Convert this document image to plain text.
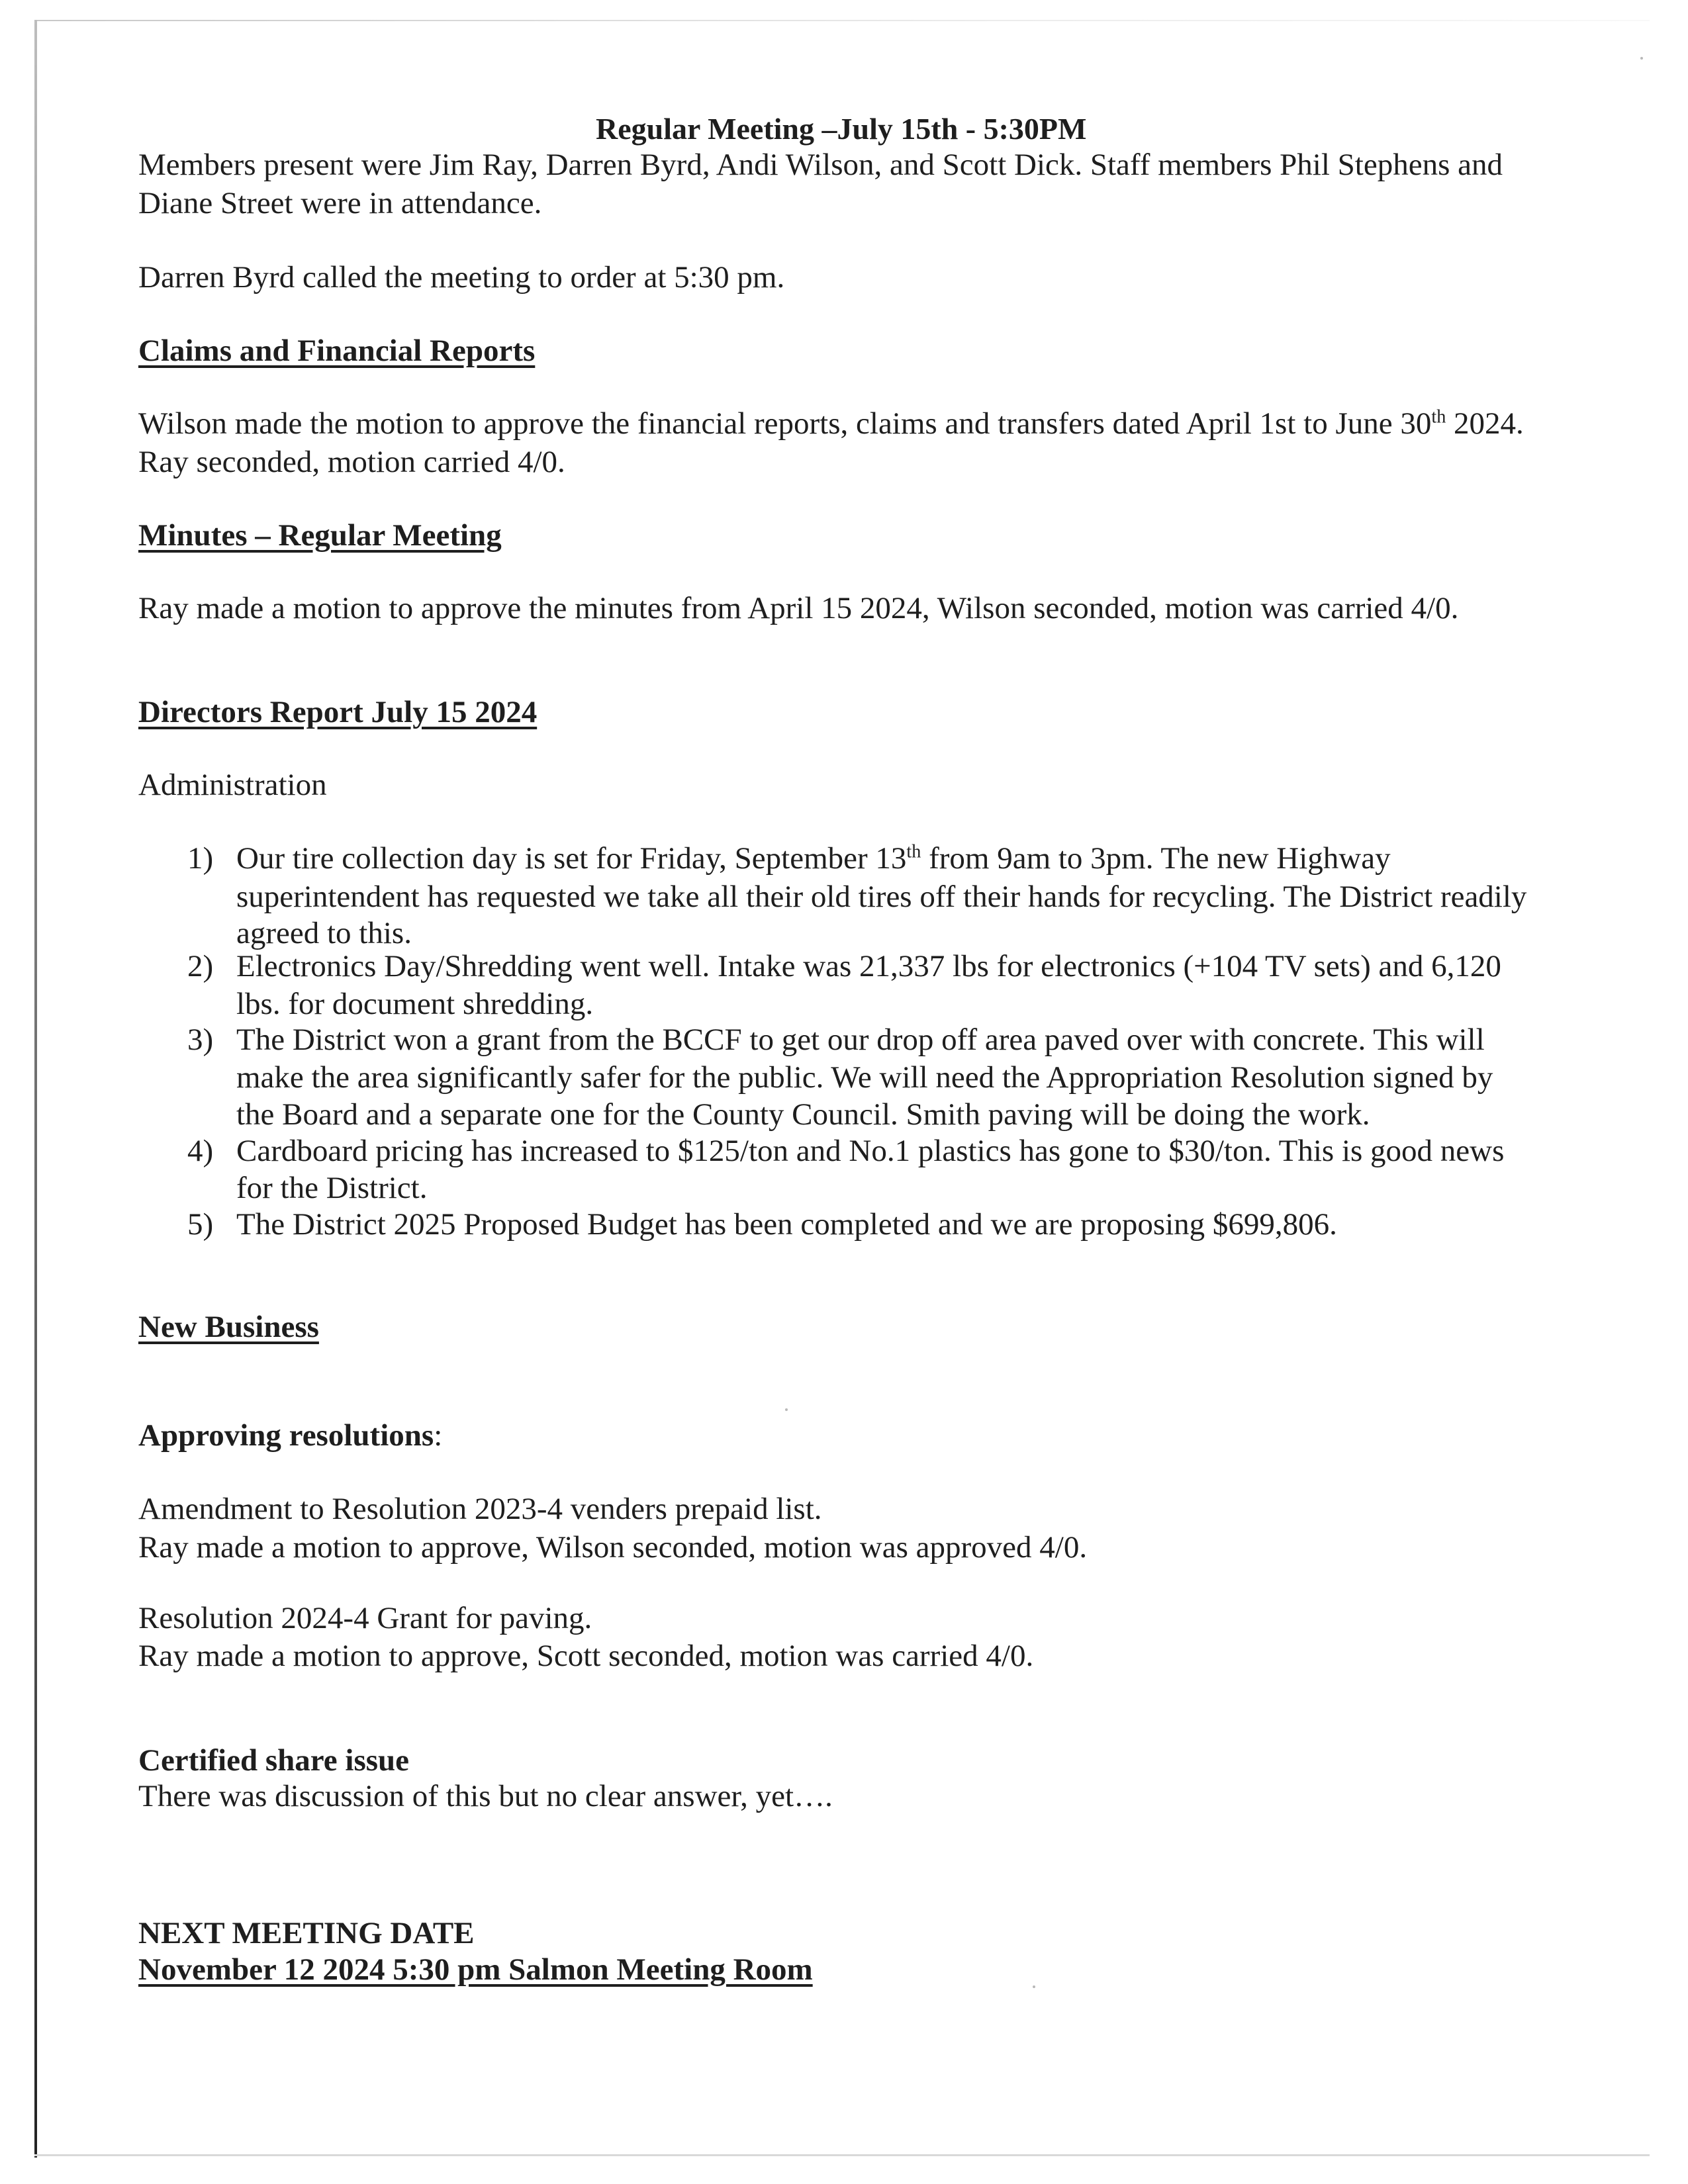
Regular Meeting –July 15th - 5:30PM
Members present were Jim Ray, Darren Byrd, Andi Wilson, and Scott Dick. Staff members Phil Stephens and
Diane Street were in attendance.
Darren Byrd called the meeting to order at 5:30 pm.
Claims and Financial Reports
Wilson made the motion to approve the financial reports, claims and transfers dated April 1st to June 30th 2024.
Ray seconded, motion carried 4/0.
Minutes – Regular Meeting
Ray made a motion to approve the minutes from April 15 2024, Wilson seconded, motion was carried 4/0.
Directors Report July 15 2024
Administration
1) Our tire collection day is set for Friday, September 13th from 9am to 3pm. The new Highway
superintendent has requested we take all their old tires off their hands for recycling. The District readily
agreed to this.
2) Electronics Day/Shredding went well. Intake was 21,337 lbs for electronics (+104 TV sets) and 6,120
lbs. for document shredding.
3) The District won a grant from the BCCF to get our drop off area paved over with concrete. This will
make the area significantly safer for the public. We will need the Appropriation Resolution signed by
the Board and a separate one for the County Council. Smith paving will be doing the work.
4) Cardboard pricing has increased to $125/ton and No.1 plastics has gone to $30/ton. This is good news
for the District.
5) The District 2025 Proposed Budget has been completed and we are proposing $699,806.
New Business
Approving resolutions:
Amendment to Resolution 2023-4 venders prepaid list.
Ray made a motion to approve, Wilson seconded, motion was approved 4/0.
Resolution 2024-4 Grant for paving.
Ray made a motion to approve, Scott seconded, motion was carried 4/0.
Certified share issue
There was discussion of this but no clear answer, yet….
NEXT MEETING DATE
November 12 2024 5:30 pm Salmon Meeting Room
